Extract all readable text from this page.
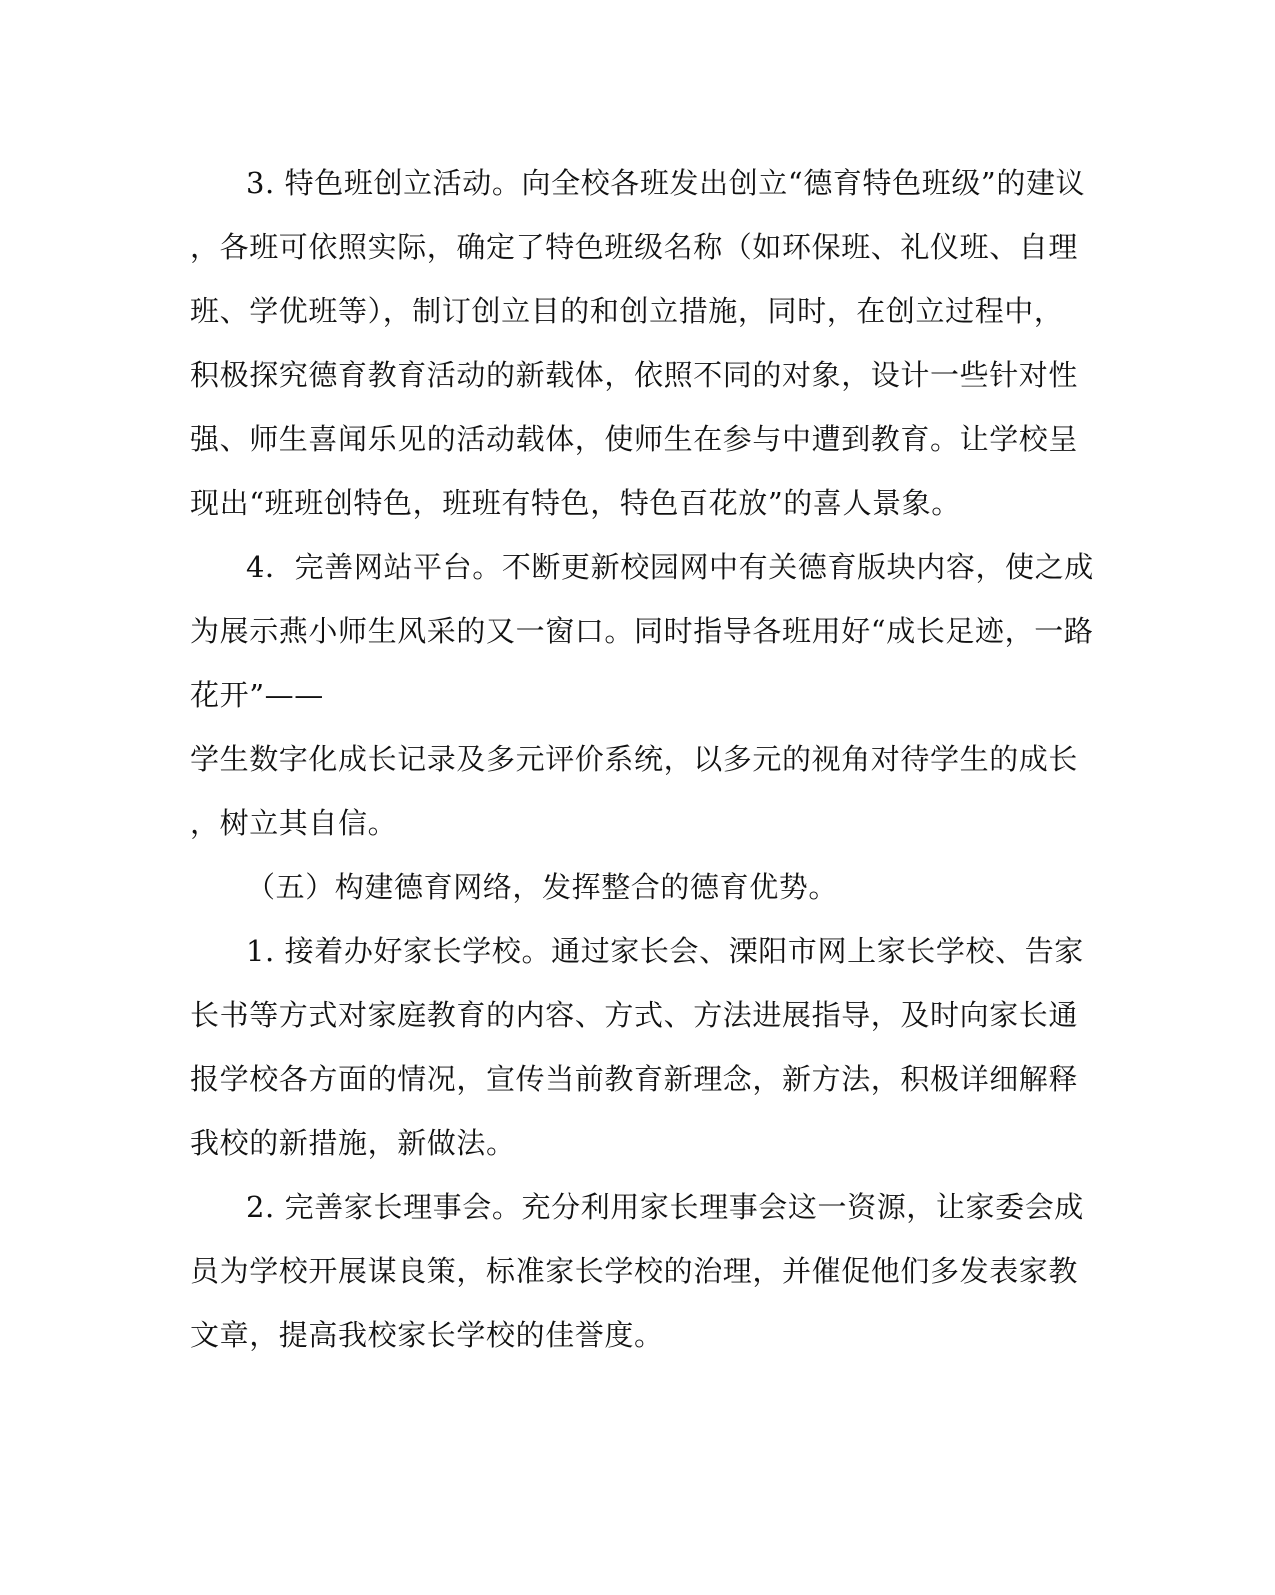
3. 特色班创立活动。向全校各班发出创立“德育特色班级”的建议

，各班可依照实际，确定了特色班级名称（如环保班、礼仪班、自理

班、学优班等），制订创立目的和创立措施，同时，在创立过程中，

积极探究德育教育活动的新载体，依照不同的对象，设计一些针对性

强、师生喜闻乐见的活动载体，使师生在参与中遭到教育。让学校呈

现出“班班创特色，班班有特色，特色百花放”的喜人景象。

4．完善网站平台。不断更新校园网中有关德育版块内容，使之成

为展示燕小师生风采的又一窗口。同时指导各班用好“成长足迹，一路

花开”——

学生数字化成长记录及多元评价系统，以多元的视角对待学生的成长

，树立其自信。

（五）构建德育网络，发挥整合的德育优势。

1. 接着办好家长学校。通过家长会、溧阳市网上家长学校、告家

长书等方式对家庭教育的内容、方式、方法进展指导，及时向家长通

报学校各方面的情况，宣传当前教育新理念，新方法，积极详细解释

我校的新措施，新做法。

2. 完善家长理事会。充分利用家长理事会这一资源，让家委会成

员为学校开展谋良策，标准家长学校的治理，并催促他们多发表家教

文章，提高我校家长学校的佳誉度。
